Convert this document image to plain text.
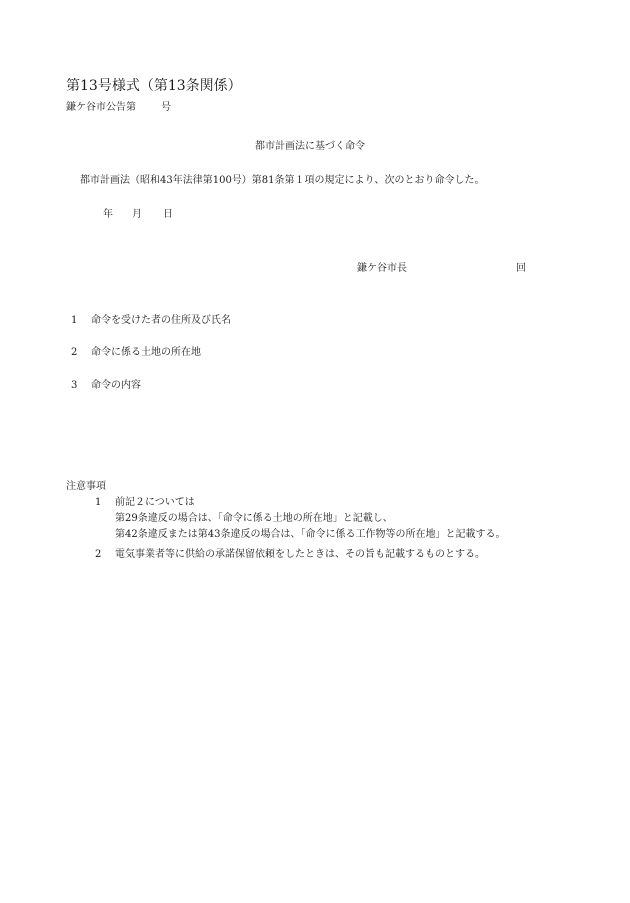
第13号様式（第13条関係）
鎌ケ谷市公告第	号
都市計画法に基づく命令
都市計画法（昭和43年法律第100号）第81条第１項の規定により、次のとおり命令した。
年 月 日
鎌ケ谷市長	回
1 命令を受けた者の住所及び氏名
2 命令に係る土地の所在地
3 命令の内容
注意事項
1 前記２については
第29条違反の場合は、「命令に係る土地の所在地」と記載し、
第42条違反または第43条違反の場合は、「命令に係る工作物等の所在地」と記載する。
2 電気事業者等に供給の承諾保留依頼をしたときは、その旨も記載するものとする。
